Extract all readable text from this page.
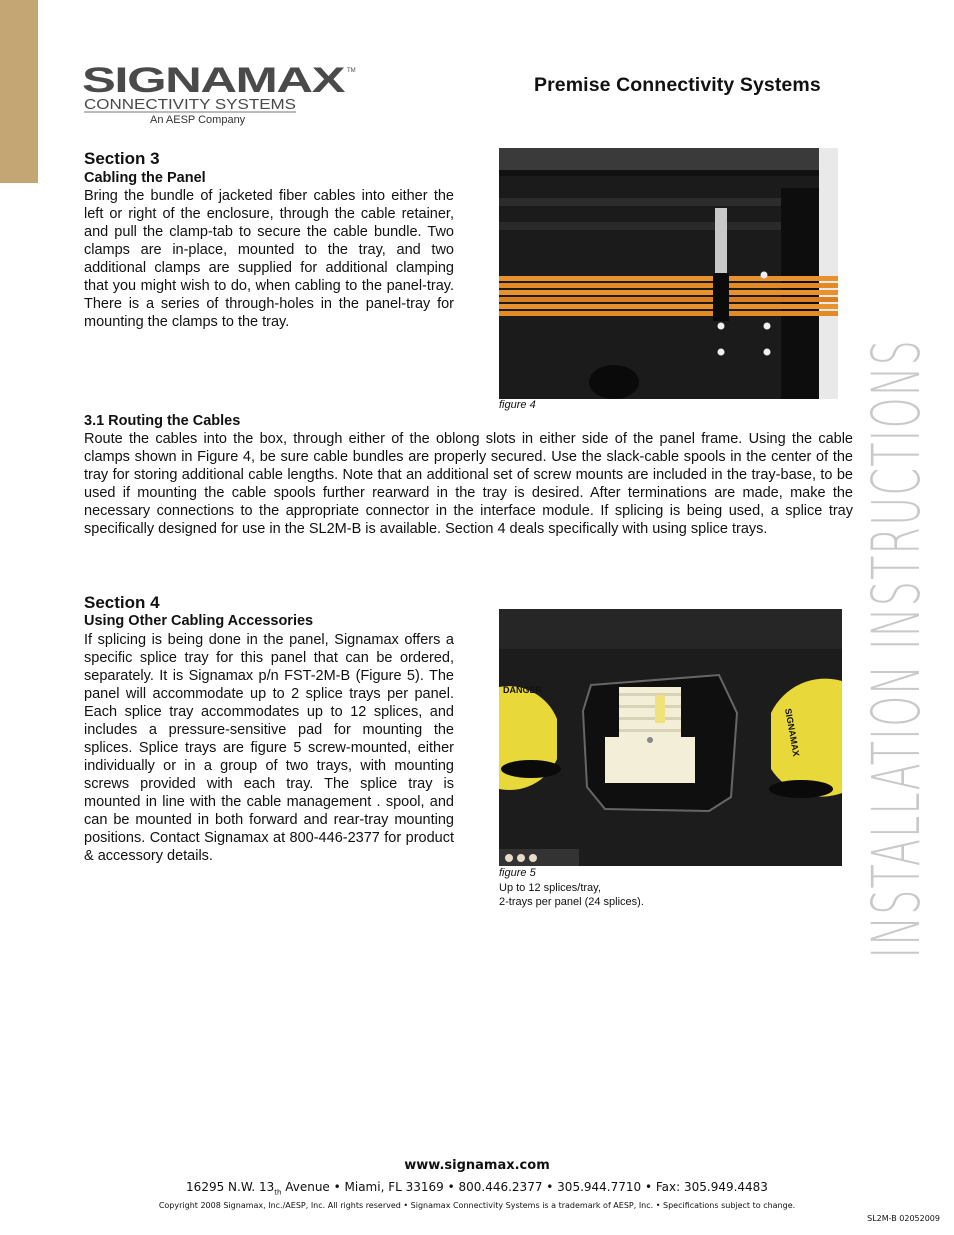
SIGNAMAX TM
CONNECTIVITY SYSTEMS
An AESP Company
Premise Connectivity Systems
INSTALLATION INSTRUCTIONS
Section 3
Cabling the Panel
Bring the bundle of jacketed fiber cables into either the left or right of the enclosure, through the cable retainer, and pull the clamp-tab to secure the cable bundle. Two clamps are in-place, mounted to the tray, and two additional clamps are supplied for additional clamping that you might wish to do, when cabling to the panel-tray. There is a series of through-holes in the panel-tray for mounting the clamps to the tray.
figure 4
3.1 Routing the Cables
Route the cables into the box, through either of the oblong slots in either side of the panel frame. Using the cable clamps shown in Figure 4, be sure cable bundles are properly secured. Use the slack-cable spools in the center of the tray for storing additional cable lengths. Note that an additional set of screw mounts are included in the tray-base, to be used if mounting the cable spools further rearward in the tray is desired. After terminations are made, make the necessary connections to the appropriate connector in the interface module. If splicing is being used, a splice tray specifically designed for use in the SL2M-B is available. Section 4 deals specifically with using splice trays.
Section 4
Using Other Cabling Accessories
If splicing is being done in the panel, Signamax offers a specific splice tray for this panel that can be ordered, separately. It is Signamax p/n FST-2M-B (Figure 5). The panel will accommodate up to 2 splice trays per panel. Each splice tray accommodates up to 12 splices, and includes a pressure-sensitive pad for mounting the splices. Splice trays are figure 5 screw-mounted, either individually or in a group of two trays, with mounting screws provided with each tray. The splice tray is mounted in line with the cable management . spool, and can be mounted in both forward and rear-tray mounting positions. Contact Signamax at 800-446-2377 for product & accessory details.
DANGER
SIGNAMAX
figure 5
Up to 12 splices/tray,
2-trays per panel (24 splices).
www.signamax.com
16295 N.W. $13_{th}$ Avenue • Miami, FL 33169 • 800.446.2377 • 305.944.7710 • Fax: 305.949.4483
Copyright 2008 Signamax, Inc./AESP, Inc. All rights reserved • Signamax Connectivity Systems is a trademark of AESP, Inc. • Specifications subject to change.
SL2M-B 02052009
